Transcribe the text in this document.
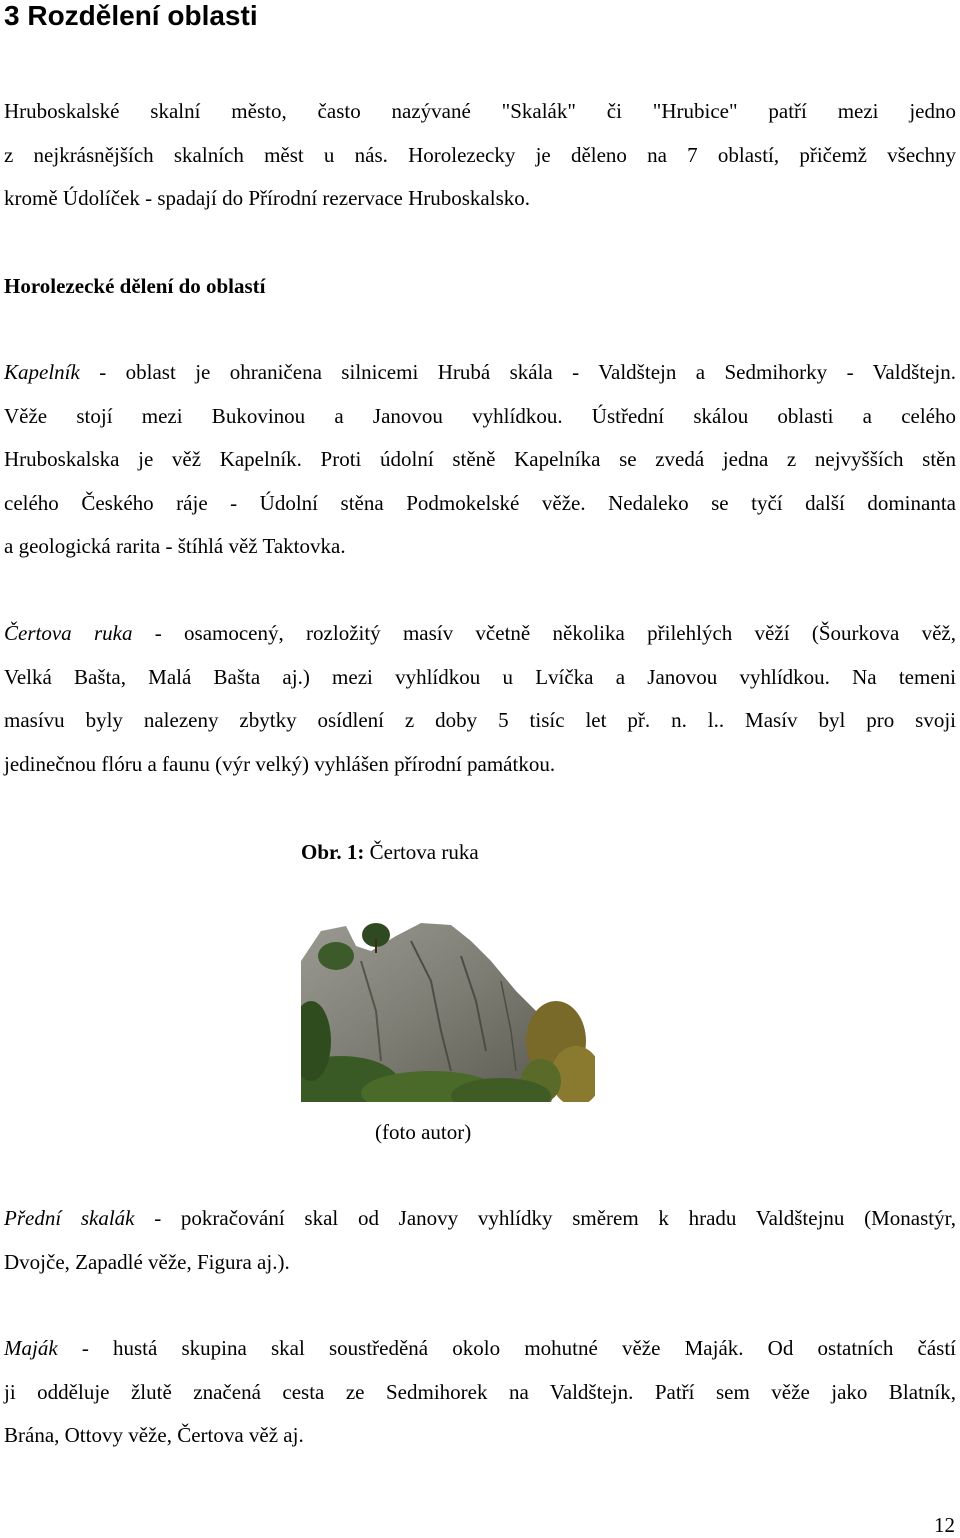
3 Rozdělení oblasti
Hruboskalské skalní město, často nazývané "Skalák" či "Hrubice" patří mezi jedno
z nejkrásnějších skalních měst u nás. Horolezecky je děleno na 7 oblastí, přičemž všechny
kromě Údolíček - spadají do Přírodní rezervace Hruboskalsko.
Horolezecké dělení do oblastí
Kapelník - oblast je ohraničena silnicemi Hrubá skála - Valdštejn a Sedmihorky - Valdštejn.
Věže stojí mezi Bukovinou a Janovou vyhlídkou. Ústřední skálou oblasti a celého
Hruboskalska je věž Kapelník. Proti údolní stěně Kapelníka se zvedá jedna z nejvyšších stěn
celého Českého ráje - Údolní stěna Podmokelské věže. Nedaleko se tyčí další dominanta
a geologická rarita - štíhlá věž Taktovka.
Čertova ruka - osamocený, rozložitý masív včetně několika přilehlých věží (Šourkova věž,
Velká Bašta, Malá Bašta aj.) mezi vyhlídkou u Lvíčka a Janovou vyhlídkou. Na temeni
masívu byly nalezeny zbytky osídlení z doby 5 tisíc let př. n. l.. Masív byl pro svoji
jedinečnou flóru a faunu (výr velký) vyhlášen přírodní památkou.
Obr. 1: Čertova ruka
(foto autor)
Přední skalák - pokračování skal od Janovy vyhlídky směrem k hradu Valdštejnu (Monastýr,
Dvojče, Zapadlé věže, Figura aj.).
Maják - hustá skupina skal soustředěná okolo mohutné věže Maják. Od ostatních částí
ji odděluje žlutě značená cesta ze Sedmihorek na Valdštejn. Patří sem věže jako Blatník,
Brána, Ottovy věže, Čertova věž aj.
12
